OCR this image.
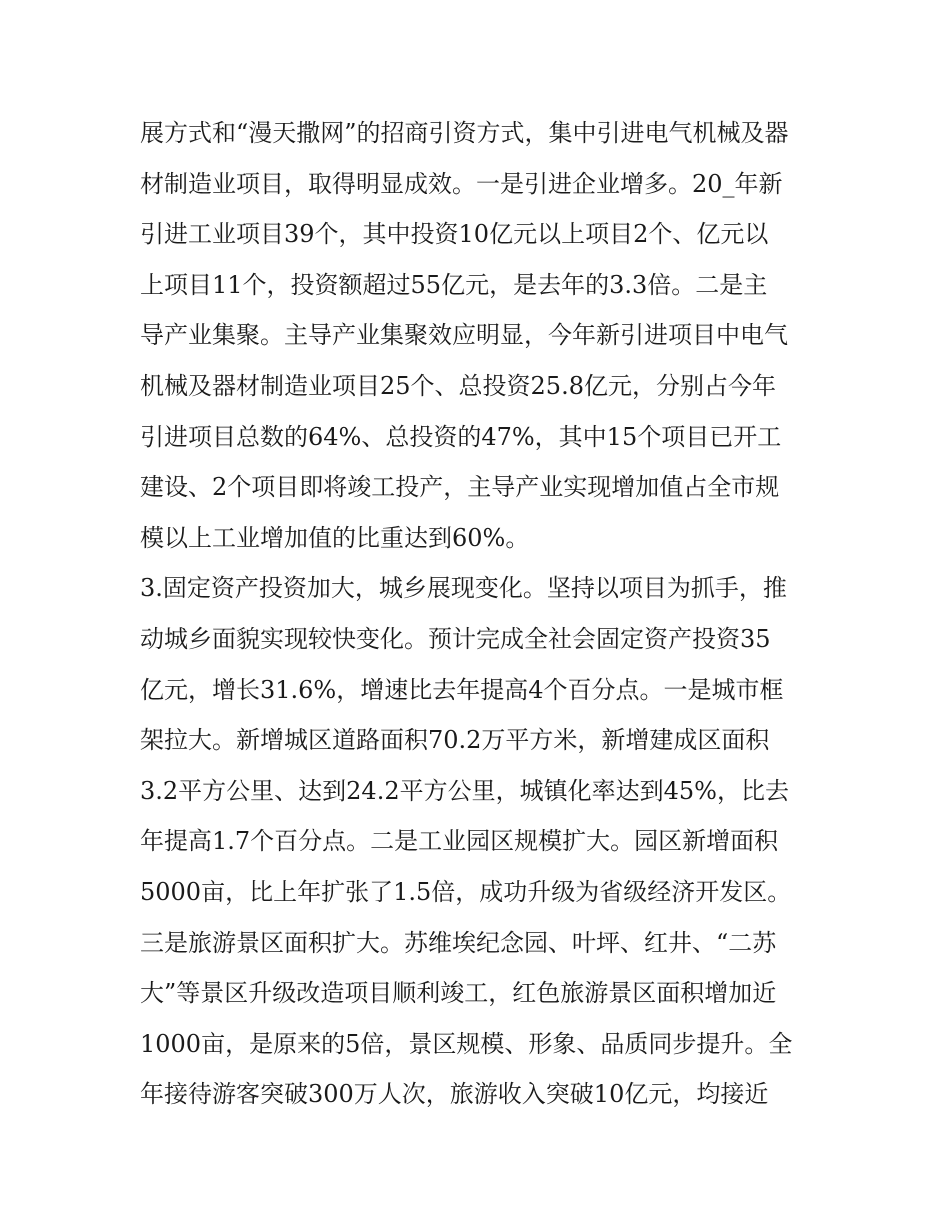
展方式和“漫天撒网”的招商引资方式，集中引进电气机械及器
材制造业项目，取得明显成效。一是引进企业增多。20_年新
引进工业项目39个，其中投资10亿元以上项目2个、亿元以
上项目11个，投资额超过55亿元，是去年的3.3倍。二是主
导产业集聚。主导产业集聚效应明显，今年新引进项目中电气
机械及器材制造业项目25个、总投资25.8亿元，分别占今年
引进项目总数的64%、总投资的47%，其中15个项目已开工
建设、2个项目即将竣工投产，主导产业实现增加值占全市规
模以上工业增加值的比重达到60%。
3.固定资产投资加大，城乡展现变化。坚持以项目为抓手，推
动城乡面貌实现较快变化。预计完成全社会固定资产投资35
亿元，增长31.6%，增速比去年提高4个百分点。一是城市框
架拉大。新增城区道路面积70.2万平方米，新增建成区面积
3.2平方公里、达到24.2平方公里，城镇化率达到45%，比去
年提高1.7个百分点。二是工业园区规模扩大。园区新增面积
5000亩，比上年扩张了1.5倍，成功升级为省级经济开发区。
三是旅游景区面积扩大。苏维埃纪念园、叶坪、红井、“二苏
大”等景区升级改造项目顺利竣工，红色旅游景区面积增加近
1000亩，是原来的5倍，景区规模、形象、品质同步提升。全
年接待游客突破300万人次，旅游收入突破10亿元，均接近
